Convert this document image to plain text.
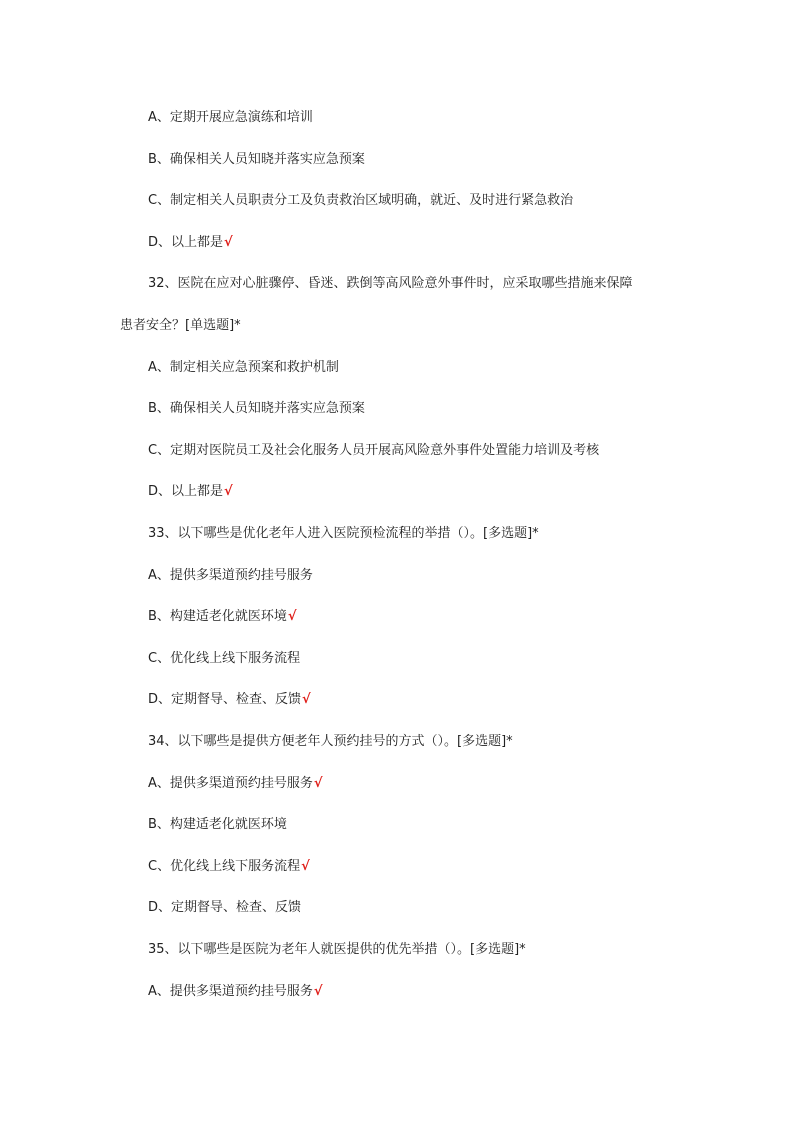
A、定期开展应急演练和培训
B、确保相关人员知晓并落实应急预案
C、制定相关人员职责分工及负责救治区域明确，就近、及时进行紧急救治
D、以上都是√
32、医院在应对心脏骤停、昏迷、跌倒等高风险意外事件时，应采取哪些措施来保障
患者安全？[单选题]*
A、制定相关应急预案和救护机制
B、确保相关人员知晓并落实应急预案
C、定期对医院员工及社会化服务人员开展高风险意外事件处置能力培训及考核
D、以上都是√
33、以下哪些是优化老年人进入医院预检流程的举措（）。[多选题]*
A、提供多渠道预约挂号服务
B、构建适老化就医环境√
C、优化线上线下服务流程
D、定期督导、检查、反馈√
34、以下哪些是提供方便老年人预约挂号的方式（）。[多选题]*
A、提供多渠道预约挂号服务√
B、构建适老化就医环境
C、优化线上线下服务流程√
D、定期督导、检查、反馈
35、以下哪些是医院为老年人就医提供的优先举措（）。[多选题]*
A、提供多渠道预约挂号服务√
